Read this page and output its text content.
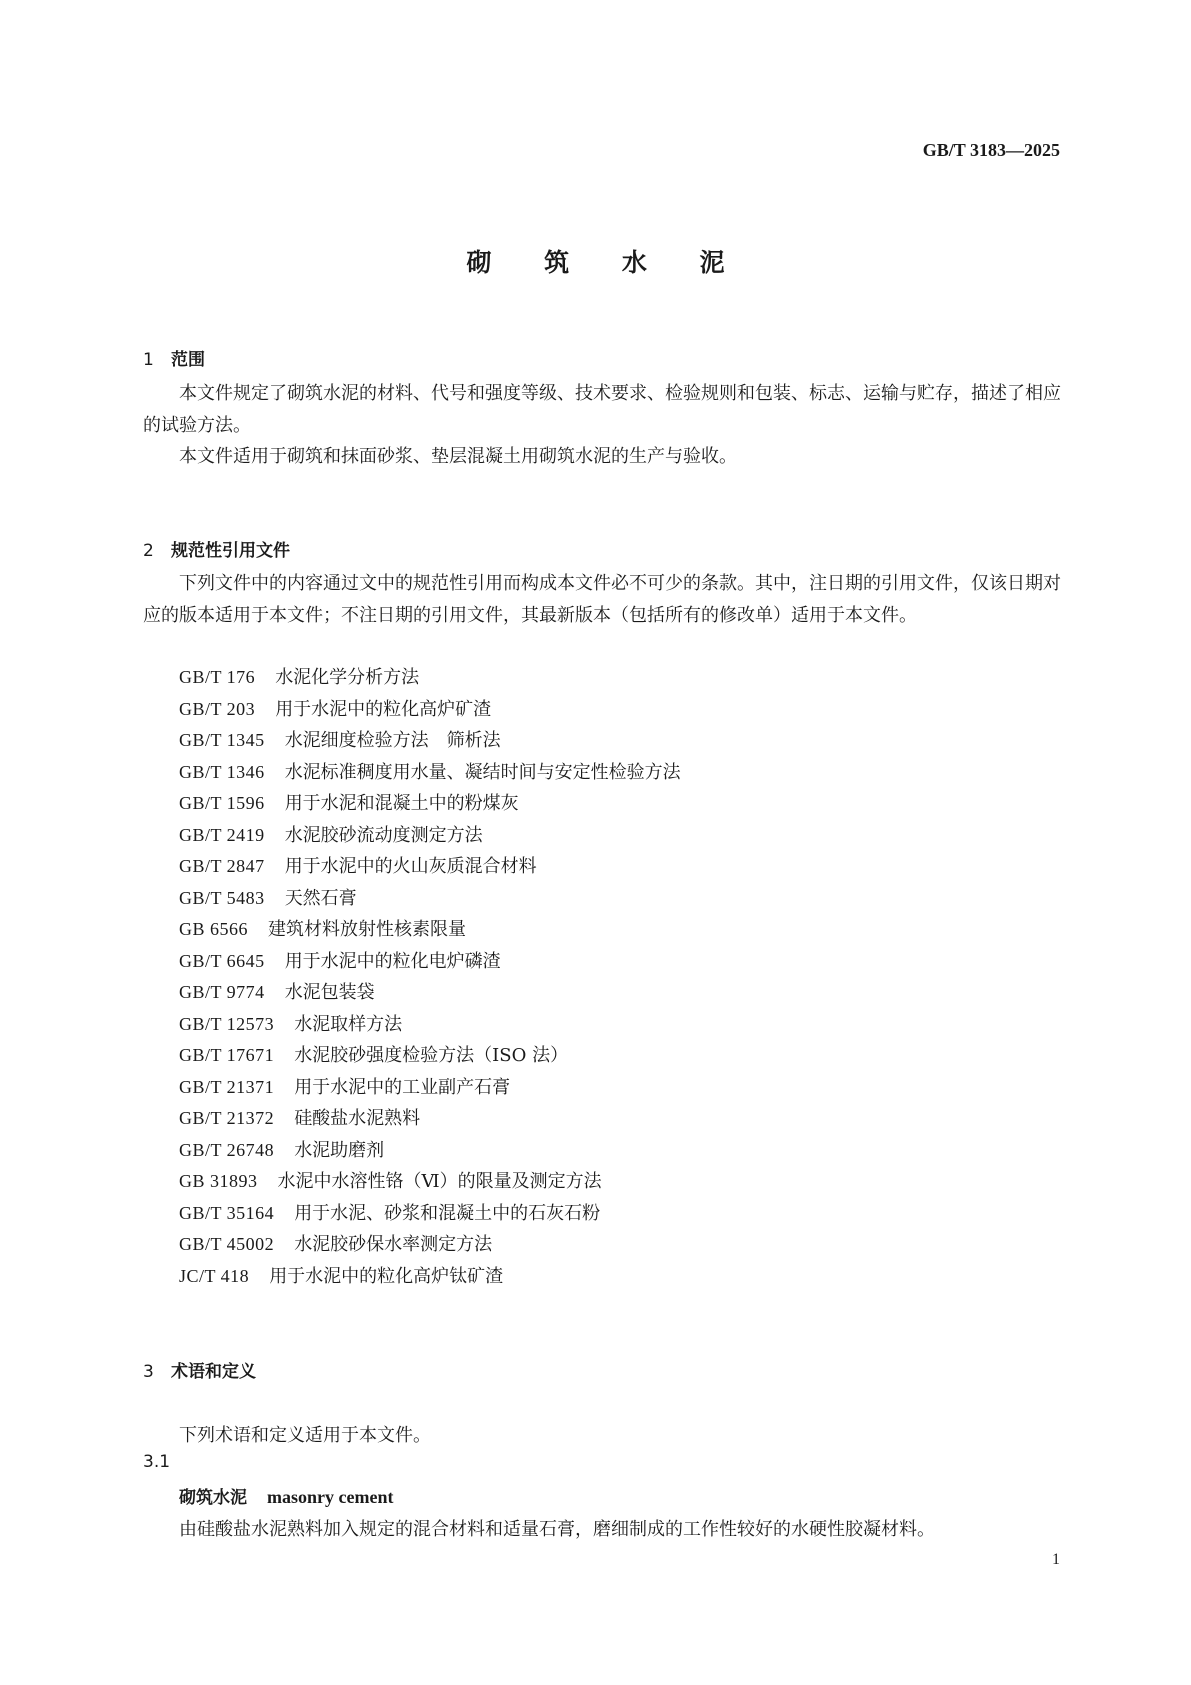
GB/T 3183—2025
砌 筑 水 泥
1 范围

本文件规定了砌筑水泥的材料、代号和强度等级、技术要求、检验规则和包装、标志、运输与贮存，描述了相应的试验方法。

本文件适用于砌筑和抹面砂浆、垫层混凝土用砌筑水泥的生产与验收。

2 规范性引用文件

下列文件中的内容通过文中的规范性引用而构成本文件必不可少的条款。其中，注日期的引用文件，仅该日期对应的版本适用于本文件；不注日期的引用文件，其最新版本（包括所有的修改单）适用于本文件。

GB/T 176 水泥化学分析方法
GB/T 203 用于水泥中的粒化高炉矿渣
GB/T 1345 水泥细度检验方法　筛析法
GB/T 1346 水泥标准稠度用水量、凝结时间与安定性检验方法
GB/T 1596 用于水泥和混凝土中的粉煤灰
GB/T 2419 水泥胶砂流动度测定方法
GB/T 2847 用于水泥中的火山灰质混合材料
GB/T 5483 天然石膏
GB 6566 建筑材料放射性核素限量
GB/T 6645 用于水泥中的粒化电炉磷渣
GB/T 9774 水泥包装袋
GB/T 12573 水泥取样方法
GB/T 17671 水泥胶砂强度检验方法（ISO 法）
GB/T 21371 用于水泥中的工业副产石膏
GB/T 21372 硅酸盐水泥熟料
GB/T 26748 水泥助磨剂
GB 31893 水泥中水溶性铬（Ⅵ）的限量及测定方法
GB/T 35164 用于水泥、砂浆和混凝土中的石灰石粉
GB/T 45002 水泥胶砂保水率测定方法
JC/T 418 用于水泥中的粒化高炉钛矿渣
3 术语和定义
下列术语和定义适用于本文件。
3.1
砌筑水泥 masonry cement
由硅酸盐水泥熟料加入规定的混合材料和适量石膏，磨细制成的工作性较好的水硬性胶凝材料。
1
